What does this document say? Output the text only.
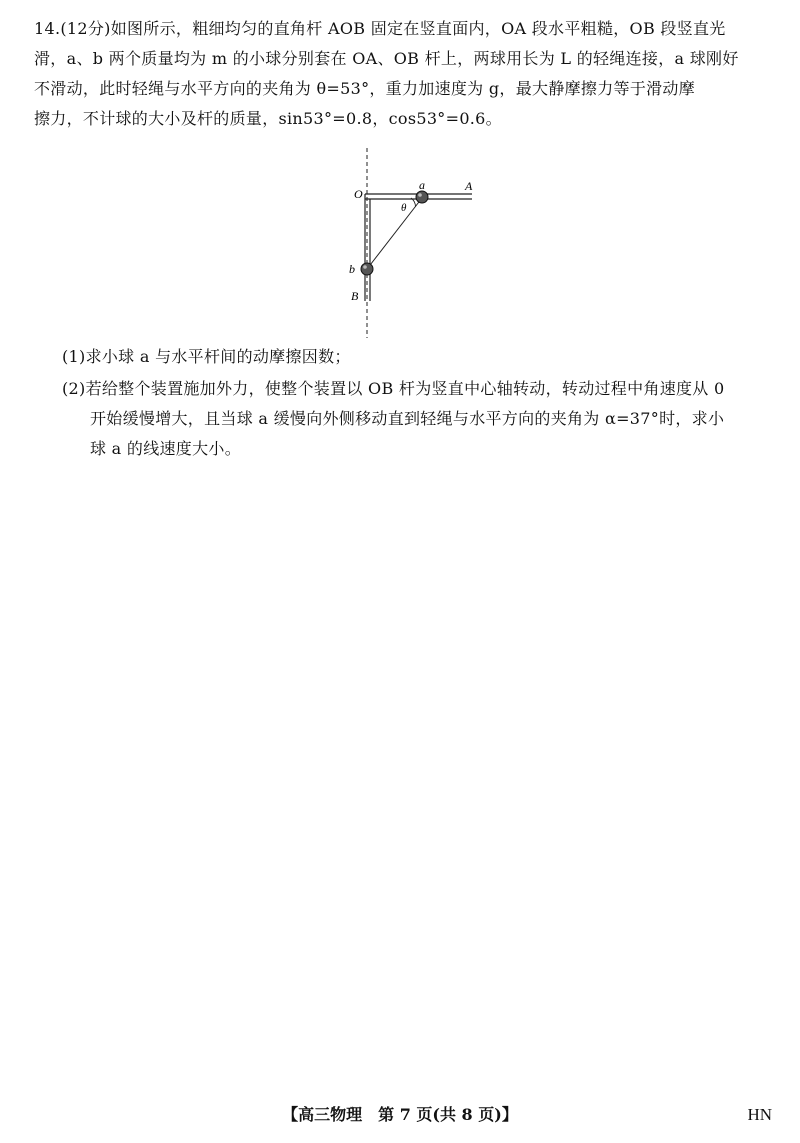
14.(12分)如图所示，粗细均匀的直角杆 AOB 固定在竖直面内，OA 段水平粗糙，OB 段竖直光
滑，a、b 两个质量均为 m 的小球分别套在 OA、OB 杆上，两球用长为 L 的轻绳连接，a 球刚好
不滑动，此时轻绳与水平方向的夹角为 θ=53°，重力加速度为 g，最大静摩擦力等于滑动摩
擦力，不计球的大小及杆的质量，sin53°=0.8，cos53°=0.6。
O
a	A
θ
b
B
(1)求小球 a 与水平杆间的动摩擦因数；
(2)若给整个装置施加外力，使整个装置以 OB 杆为竖直中心轴转动，转动过程中角速度从 0
开始缓慢增大，且当球 a 缓慢向外侧移动直到轻绳与水平方向的夹角为 α=37°时，求小
球 a 的线速度大小。
【高三物理　第 7 页(共 8 页)】	HN
